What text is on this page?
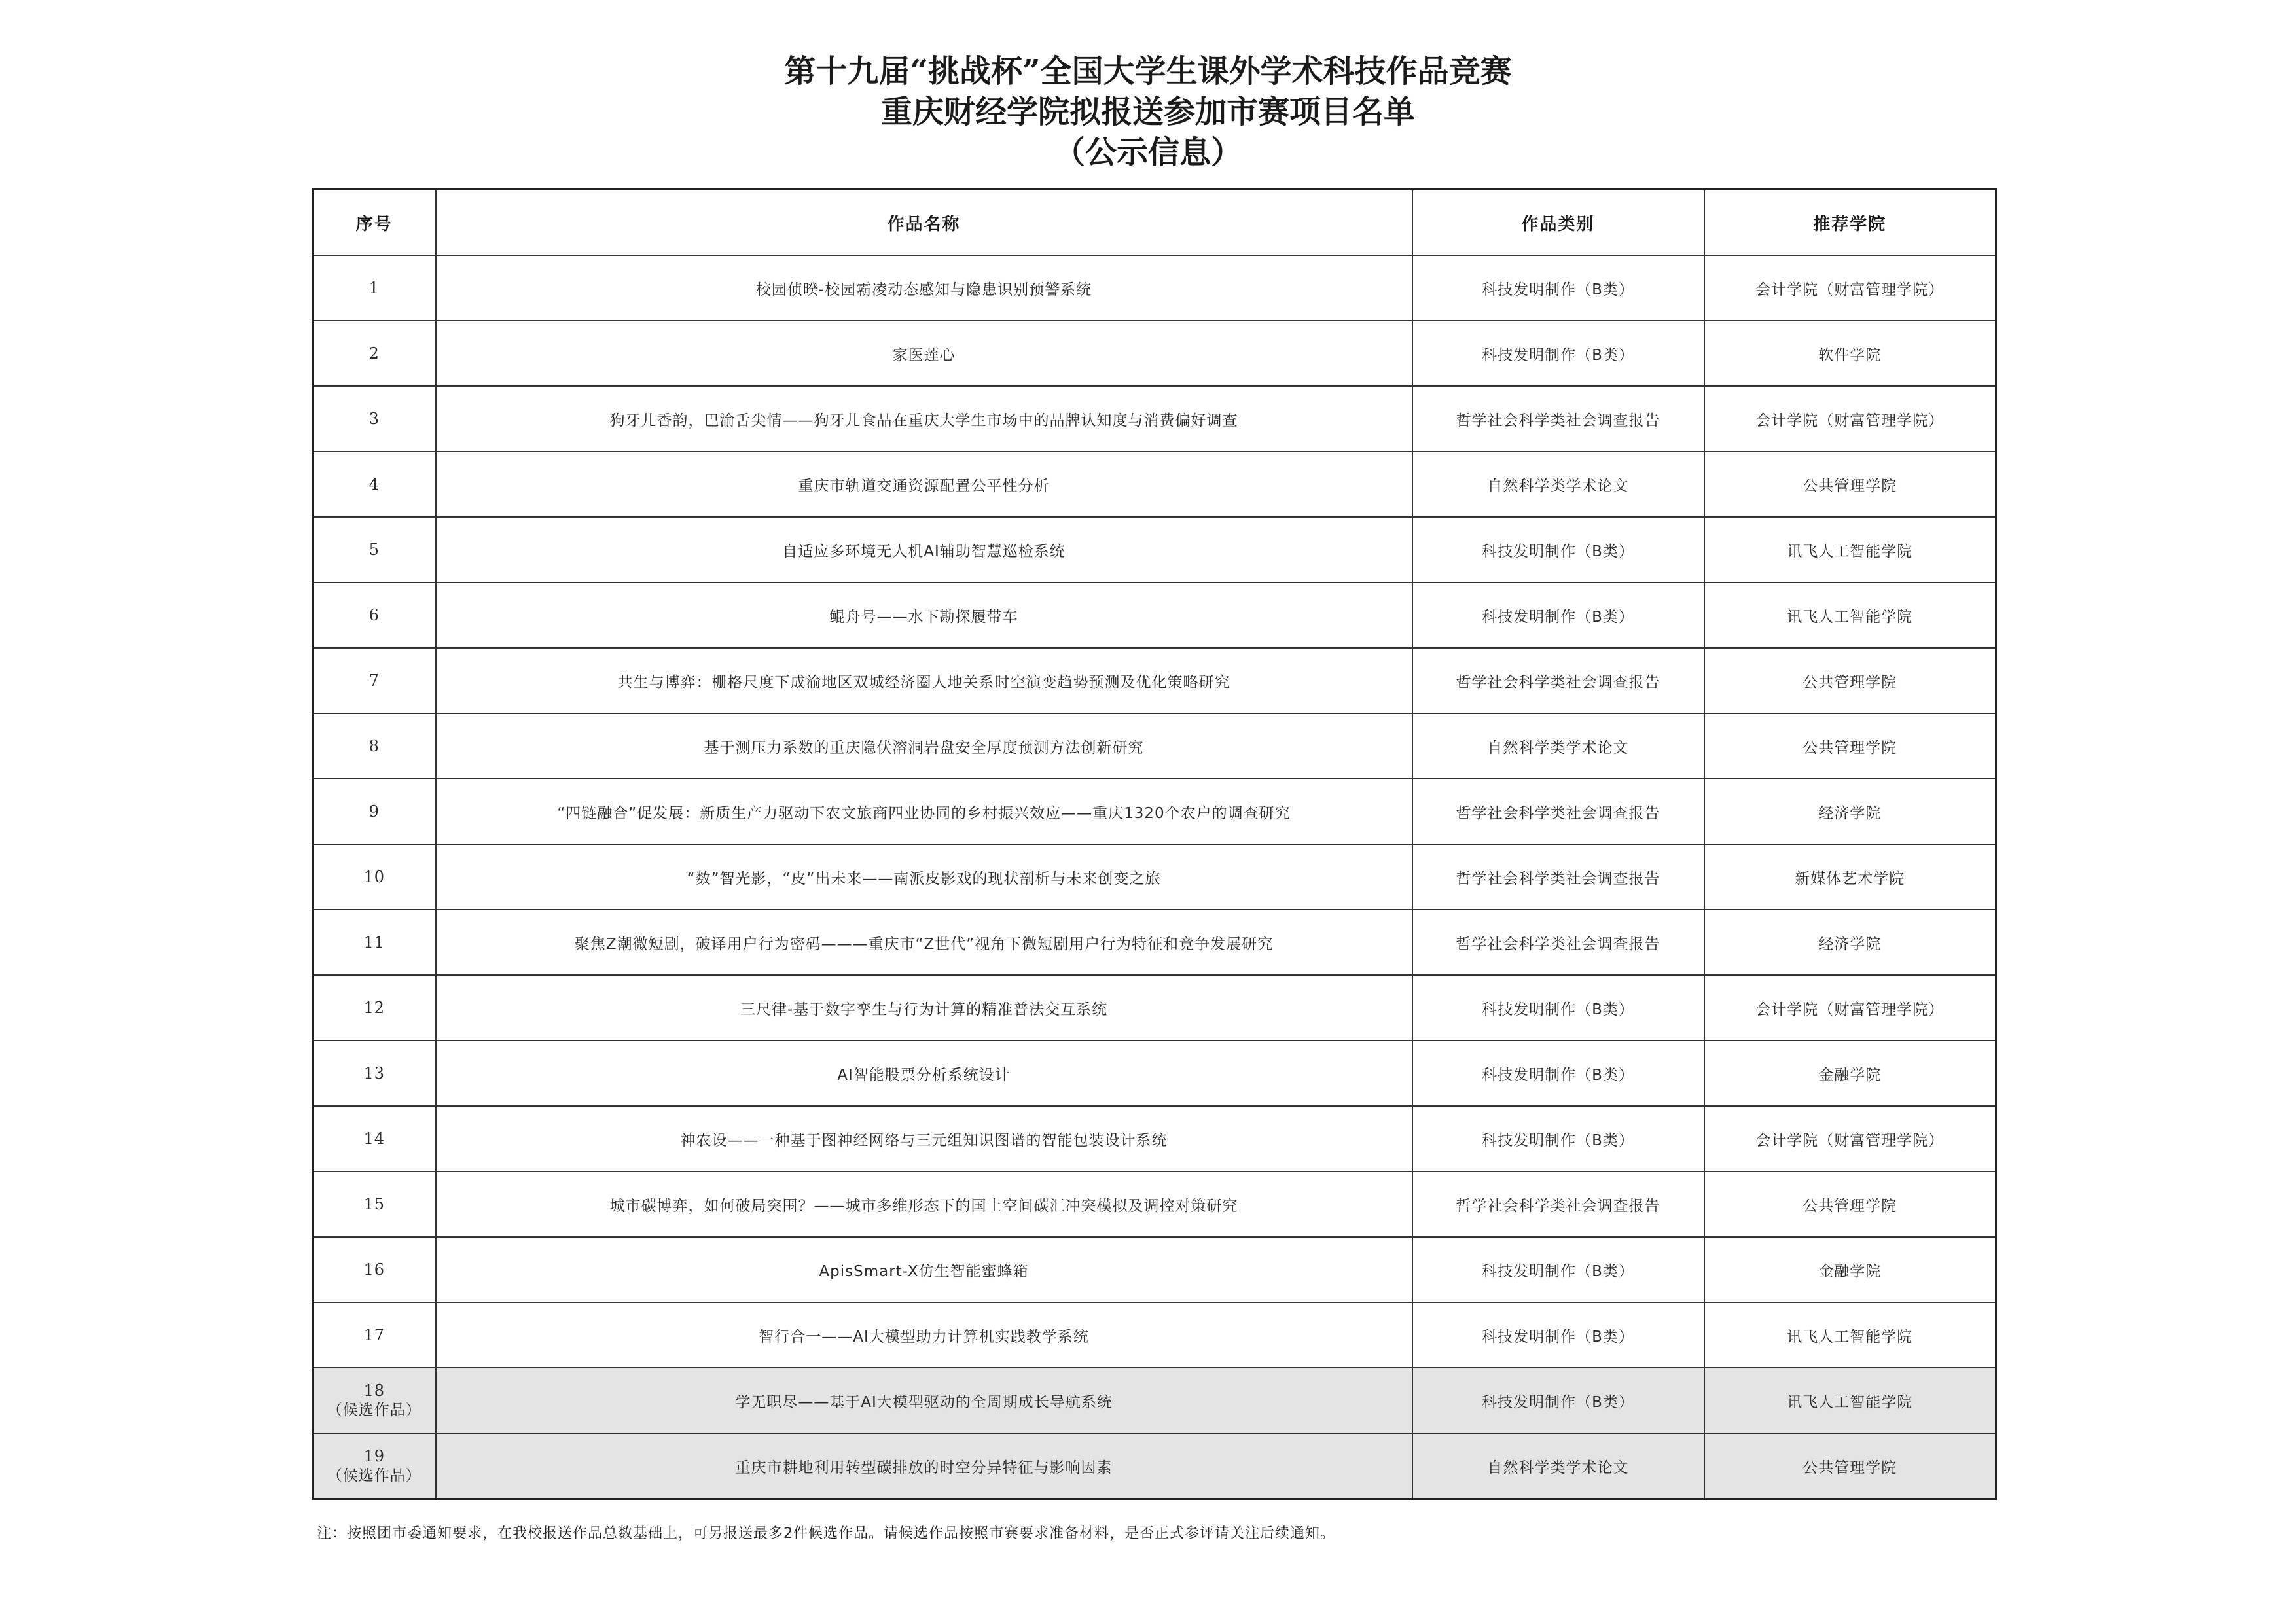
第十九届“挑战杯”全国大学生课外学术科技作品竞赛
重庆财经学院拟报送参加市赛项目名单
（公示信息）
序号	作品名称	作品类别	推荐学院
1	校园侦暌-校园霸凌动态感知与隐患识别预警系统	科技发明制作（B类）	会计学院（财富管理学院）
2	家医莲心	科技发明制作（B类）	软件学院
3	狗牙儿香韵，巴渝舌尖情——狗牙儿食品在重庆大学生市场中的品牌认知度与消费偏好调查	哲学社会科学类社会调查报告	会计学院（财富管理学院）
4	重庆市轨道交通资源配置公平性分析	自然科学类学术论文	公共管理学院
5	自适应多环境无人机AI辅助智慧巡检系统	科技发明制作（B类）	讯飞人工智能学院
6	鲲舟号——水下勘探履带车	科技发明制作（B类）	讯飞人工智能学院
7	共生与博弈：栅格尺度下成渝地区双城经济圈人地关系时空演变趋势预测及优化策略研究	哲学社会科学类社会调查报告	公共管理学院
8	基于测压力系数的重庆隐伏溶洞岩盘安全厚度预测方法创新研究	自然科学类学术论文	公共管理学院
9	“四链融合”促发展：新质生产力驱动下农文旅商四业协同的乡村振兴效应——重庆1320个农户的调查研究	哲学社会科学类社会调查报告	经济学院
10	“数”智光影，“皮”出未来——南派皮影戏的现状剖析与未来创变之旅	哲学社会科学类社会调查报告	新媒体艺术学院
11	聚焦Z潮微短剧，破译用户行为密码———重庆市“Z世代”视角下微短剧用户行为特征和竞争发展研究	哲学社会科学类社会调查报告	经济学院
12	三尺律-基于数字孪生与行为计算的精准普法交互系统	科技发明制作（B类）	会计学院（财富管理学院）
13	AI智能股票分析系统设计	科技发明制作（B类）	金融学院
14	神农设——一种基于图神经网络与三元组知识图谱的智能包装设计系统	科技发明制作（B类）	会计学院（财富管理学院）
15	城市碳博弈，如何破局突围？——城市多维形态下的国土空间碳汇冲突模拟及调控对策研究	哲学社会科学类社会调查报告	公共管理学院
16	ApisSmart-X仿生智能蜜蜂箱	科技发明制作（B类）	金融学院
17	智行合一——AI大模型助力计算机实践教学系统	科技发明制作（B类）	讯飞人工智能学院
18
（候选作品）	学无职尽——基于AI大模型驱动的全周期成长导航系统	科技发明制作（B类）	讯飞人工智能学院
19
（候选作品）	重庆市耕地利用转型碳排放的时空分异特征与影响因素	自然科学类学术论文	公共管理学院
注：按照团市委通知要求，在我校报送作品总数基础上，可另报送最多2件候选作品。请候选作品按照市赛要求准备材料，是否正式参评请关注后续通知。
